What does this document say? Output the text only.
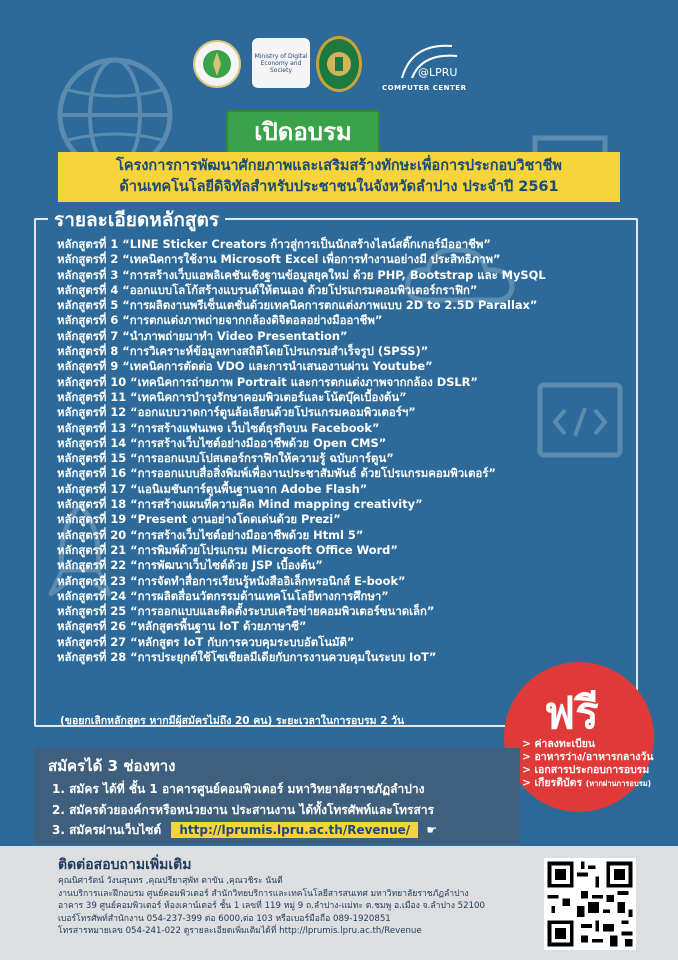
Ministry of Digital Economy and Society	@LPRU
COMPUTER CENTER
เปิดอบรม
โครงการการพัฒนาศักยภาพและเสริมสร้างทักษะเพื่อการประกอบวิชาชีพ
ด้านเทคโนโลยีดิจิทัลสำหรับประชาชนในจังหวัดลำปาง ประจำปี 2561
รายละเอียดหลักสูตร
หลักสูตรที่ 1 “LINE Sticker Creators ก้าวสู่การเป็นนักสร้างไลน์สติ๊กเกอร์มืออาชีพ”
หลักสูตรที่ 2 “เทคนิคการใช้งาน Microsoft Excel เพื่อการทำงานอย่างมี ประสิทธิภาพ”
หลักสูตรที่ 3 “การสร้างเว็บแอพลิเคชันเชิงฐานข้อมูลยุคใหม่ ด้วย PHP, Bootstrap และ MySQL
หลักสูตรที่ 4 “ออกแบบโลโก้สร้างแบรนด์ให้ตนเอง ด้วยโปรแกรมคอมพิวเตอร์กราฟิก”
หลักสูตรที่ 5 “การผลิตงานพรีเซ็นเตชั่นด้วยเทคนิคการตกแต่งภาพแบบ 2D to 2.5D Parallax”
หลักสูตรที่ 6 “การตกแต่งภาพถ่ายจากกล้องดิจิตอลอย่างมืออาชีพ”
หลักสูตรที่ 7 “นำภาพถ่ายมาทำ Video Presentation”
หลักสูตรที่ 8 “การวิเคราะห์ข้อมูลทางสถิติโดยโปรแกรมสำเร็จรูป (SPSS)”
หลักสูตรที่ 9 “เทคนิคการตัดต่อ VDO และการนำเสนองานผ่าน Youtube”
หลักสูตรที่ 10 “เทคนิคการถ่ายภาพ Portrait และการตกแต่งภาพจากกล้อง DSLR”
หลักสูตรที่ 11 “เทคนิคการบำรุงรักษาคอมพิวเตอร์และโน้ตบุ๊คเบื้องต้น”
หลักสูตรที่ 12 “ออกแบบวาดการ์ตูนล้อเลียนด้วยโปรแกรมคอมพิวเตอร์ฯ”
หลักสูตรที่ 13 “การสร้างแฟนเพจ เว็บไซต์ธุรกิจบน Facebook”
หลักสูตรที่ 14 “การสร้างเว็บไซต์อย่างมืออาชีพด้วย Open CMS”
หลักสูตรที่ 15 “การออกแบบโปสเตอร์กราฟิกให้ความรู้ ฉบับการ์ตูน”
หลักสูตรที่ 16 “การออกแบบสื่อสิ่งพิมพ์เพื่องานประชาสัมพันธ์ ด้วยโปรแกรมคอมพิวเตอร์”
หลักสูตรที่ 17 “แอนิเมชันการ์ตูนพื้นฐานจาก Adobe Flash”
หลักสูตรที่ 18 “การสร้างแผนที่ความคิด Mind mapping creativity”
หลักสูตรที่ 19 “Present งานอย่างโดดเด่นด้วย Prezi”
หลักสูตรที่ 20 “การสร้างเว็บไซต์อย่างมืออาชีพด้วย Html 5”
หลักสูตรที่ 21 “การพิมพ์ด้วยโปรแกรม Microsoft Office Word”
หลักสูตรที่ 22 “การพัฒนาเว็บไซต์ด้วย JSP เบื้องต้น”
หลักสูตรที่ 23 “การจัดทำสื่อการเรียนรู้หนังสืออิเล็กทรอนิกส์ E-book”
หลักสูตรที่ 24 “การผลิตสื่อนวัตกรรมด้านเทคโนโลยีทางการศึกษา”
หลักสูตรที่ 25 “การออกแบบและติดตั้งระบบเครือข่ายคอมพิวเตอร์ขนาดเล็ก”
หลักสูตรที่ 26 “หลักสูตรพื้นฐาน IoT ด้วยภาษาซี”
หลักสูตรที่ 27 “หลักสูตร IoT กับการควบคุมระบบอัตโนมัติ”
หลักสูตรที่ 28 “การประยุกต์ใช้โซเชียลมีเดียกับการงานควบคุมในระบบ IoT”
(ขอยกเลิกหลักสูตร หากมีผู้สมัครไม่ถึง 20 คน) ระยะเวลาในการอบรม 2 วัน	ฟรี
> ค่าลงทะเบียน
> อาหารว่าง/อาหารกลางวัน
> เอกสารประกอบการอบรม
> เกียรติบัตร (หากผ่านการอบรม)
สมัครได้ 3 ช่องทาง
1. สมัคร ได้ที่ ชั้น 1 อาคารศูนย์คอมพิวเตอร์ มหาวิทยาลัยราชภัฏลำปาง
2. สมัครด้วยองค์กรหรือหน่วยงาน ประสานงาน ได้ทั้งโทรศัพท์และโทรสาร
3. สมัครผ่านเว็บไซต์ http://lprumis.lpru.ac.th/Revenue/ ☛
ติดต่อสอบถามเพิ่มเติม
คุณนิศารัตน์ วังนสุนทร ,คุณปรียาสุพัท ตาขัน ,คุณวชิระ นันตี
งานบริการและฝึกอบรม ศูนย์คอมพิวเตอร์ สำนักวิทยบริการและเทคโนโลยีสารสนเทศ มหาวิทยาลัยราชภัฏลำปาง
อาคาร 39 ศูนย์คอมพิวเตอร์ ห้องเคาน์เตอร์ ชั้น 1 เลขที่ 119 หมู่ 9 ถ.ลำปาง-แม่ทะ ต.ชมพู อ.เมือง จ.ลำปาง 52100
เบอร์โทรศัพท์สำนักงาน 054-237-399 ต่อ 6000,ต่อ 103 หรือเบอร์มือถือ 089-1920851
โทรสารหมายเลข 054-241-022 ดูรายละเอียดเพิ่มเติมได้ที่ http://lprumis.lpru.ac.th/Revenue
